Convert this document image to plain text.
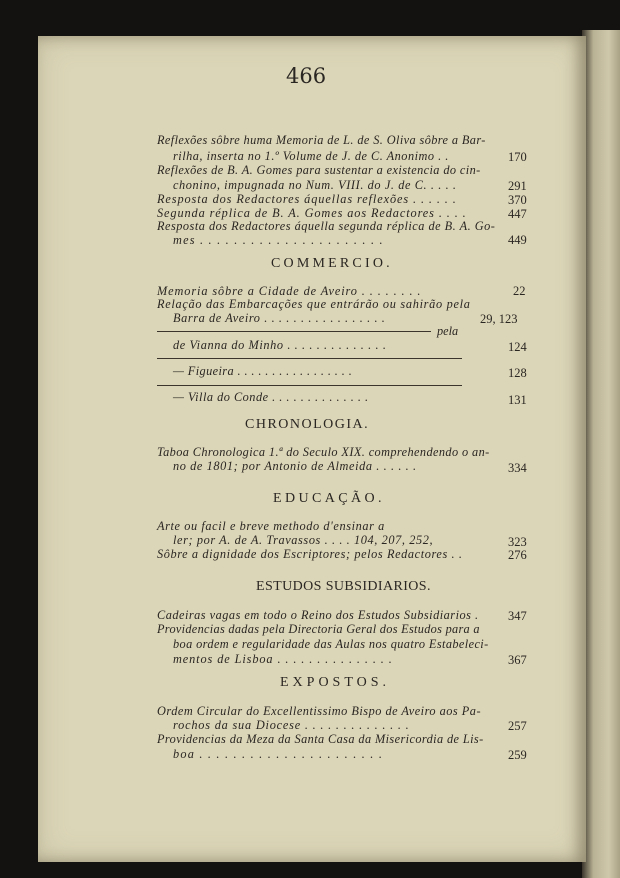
466
Reflexões sôbre huma Memoria de L. de S. Oliva sôbre a Bar-
rilha, inserta no 1.º Volume de J. de C. Anonimo . .	170
Reflexões de B. A. Gomes para sustentar a existencia do cin-
chonino, impugnada no Num. VIII. do J. de C. . . . .	291
Resposta dos Redactores áquellas reflexões . . . . . .	370
Segunda réplica de B. A. Gomes aos Redactores . . . .	447
Resposta dos Redactores áquella segunda réplica de B. A. Go-
mes . . . . . . . . . . . . . . . . . . . . . .	449
COMMERCIO.
Memoria sôbre a Cidade de Aveiro . . . . . . . .	22
Relação das Embarcações que entrárão ou sahirão pela
Barra de Aveiro . . . . . . . . . . . . . . . . .	29, 123
pela
de Vianna do Minho . . . . . . . . . . . . . .	124
— Figueira . . . . . . . . . . . . . . . . .	128
— Villa do Conde . . . . . . . . . . . . . .	131
CHRONOLOGIA.
Taboa Chronologica 1.ª do Seculo XIX. comprehendendo o an-
no de 1801; por Antonio de Almeida . . . . . .	334
EDUCAÇÃO.
Arte ou facil e breve methodo d'ensinar a
ler; por A. de A. Travassos . . . . 104, 207, 252,	323
Sôbre a dignidade dos Escriptores; pelos Redactores . .	276
ESTUDOS SUBSIDIARIOS.
Cadeiras vagas em todo o Reino dos Estudos Subsidiarios . 347
Providencias dadas pela Directoria Geral dos Estudos para a
boa ordem e regularidade das Aulas nos quatro Estabeleci-
mentos de Lisboa . . . . . . . . . . . . . . .	367
EXPOSTOS.
Ordem Circular do Excellentissimo Bispo de Aveiro aos Pa-
rochos da sua Diocese . . . . . . . . . . . . . .	257
Providencias da Meza da Santa Casa da Misericordia de Lis-
boa . . . . . . . . . . . . . . . . . . . . . .	259
